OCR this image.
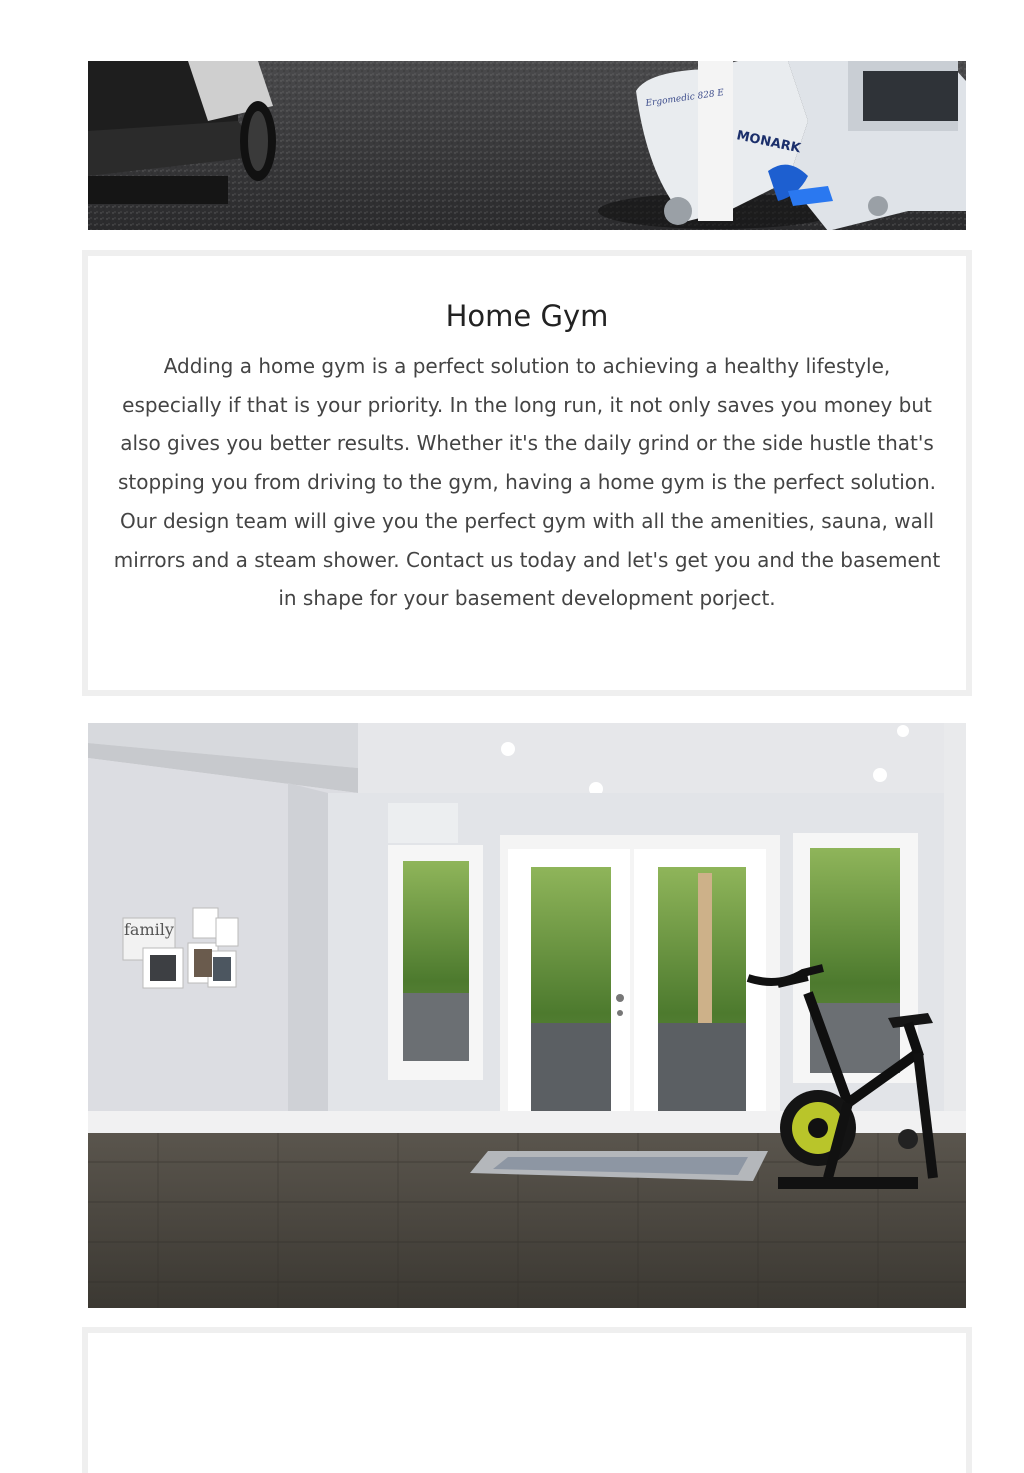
MONARK
Ergomedic 828 E
Home Gym

Adding a home gym is a perfect solution to achieving a healthy lifestyle, especially if that is your priority. In the long run, it not only saves you money but also gives you better results. Whether it's the daily grind or the side hustle that's stopping you from driving to the gym, having a home gym is the perfect solution. Our design team will give you the perfect gym with all the amenities, sauna, wall mirrors and a steam shower. Contact us today and let's get you and the basement in shape for your basement development porject.

family
